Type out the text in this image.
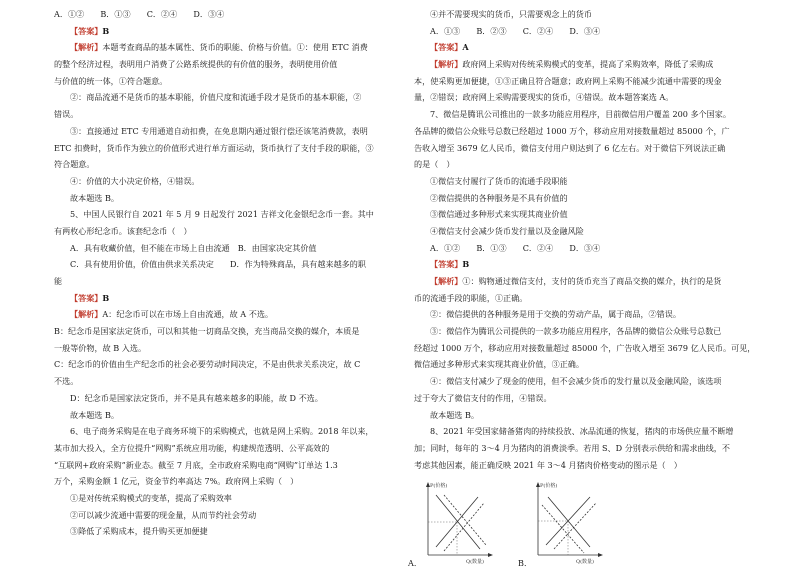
A．①②　　B．①③　　C．②④　　D．③④

【答案】B

【解析】本题考查商品的基本属性、货币的职能、价格与价值。①：使用 ETC 消费

的整个经济过程，表明用户消费了公路系统提供的有价值的服务，表明使用价值

与价值的统一体，①符合题意。

②：商品流通不是货币的基本职能，价值尺度和流通手段才是货币的基本职能，②

错误。

③：直接通过 ETC 专用通道自动扣费，在免息期内通过银行偿还该笔消费款，表明

ETC 扣费时，货币作为独立的价值形式进行单方面运动，货币执行了支付手段的职能，③

符合题意。

④：价值的大小决定价格，④错误。

故本题选 B。

5、中国人民银行自 2021 年 5 月 9 日起发行 2021 吉祥文化金银纪念币一套。其中

有两枚心形纪念币。该套纪念币（　）

A．具有收藏价值，但不能在市场上自由流通　B．由国家决定其价值

C．具有使用价值，价值由供求关系决定　　D．作为特殊商品，具有越来越多的职

能

【答案】B

【解析】A：纪念币可以在市场上自由流通，故 A 不选。

B：纪念币是国家法定货币，可以和其他一切商品交换，充当商品交换的媒介，本质是

一般等价物，故 B 入选。

C：纪念币的价值由生产纪念币的社会必要劳动时间决定，不是由供求关系决定，故 C

不选。

D：纪念币是国家法定货币，并不是具有越来越多的职能，故 D 不选。

故本题选 B。

6、电子商务采购是在电子商务环境下的采购模式，也就是网上采购。2018 年以来，

某市加大投入，全方位提升“网购”系统应用功能，构建规范透明、公平高效的

“互联网+政府采购”新业态。截至 7 月底，全市政府采购电商“网购”订单达 1.3

万个，采购金额 1 亿元，资金节约率高达 7%。政府网上采购（　）

①是对传统采购模式的变革，提高了采购效率

②可以减少流通中需要的现金量，从而节约社会劳动

③降低了采购成本，提升购买更加便捷

④并不需要现实的货币，只需要观念上的货币

A．①③　　B．②③　　C．②④　　D．③④

【答案】A

【解析】政府网上采购对传统采购模式的变革，提高了采购效率，降低了采购成

本，使采购更加便捷，①③正确且符合题意；政府网上采购不能减少流通中需要的现金

量，②错误；政府网上采购需要现实的货币，④错误。故本题答案选 A。

7、微信是腾讯公司推出的一款多功能应用程序，目前微信用户覆盖 200 多个国家。

各品牌的微信公众账号总数已经超过 1000 万个，移动应用对接数量超过 85000 个，广

告收入增至 3679 亿人民币，微信支付用户则达到了 6 亿左右。对于微信下列说法正确

的是（　）

①微信支付履行了货币的流通手段职能

②微信提供的各种服务是不具有价值的

③微信通过多种形式来实现其商业价值

④微信支付会减少货币发行量以及金融风险

A．①②　　B．①③　　C．②④　　D．③④

【答案】B

【解析】①：购物通过微信支付，支付的货币充当了商品交换的媒介，执行的是货

币的流通手段的职能，①正确。

②：微信提供的各种服务是用于交换的劳动产品，属于商品，②错误。

③：微信作为腾讯公司提供的一款多功能应用程序，各品牌的微信公众账号总数已

经超过 1000 万个，移动应用对接数量超过 85000 个，广告收入增至 3679 亿人民币。可见，

微信通过多种形式来实现其商业价值，③正确。

④：微信支付减少了现金的使用，但不会减少货币的发行量以及金融风险，该选项

过于夸大了微信支付的作用，④错误。

故本题选 B。

8、2021 年受国家储备猪肉的持续投放、冰品流通的恢复，猪肉的市场供应量不断增

加；同时，每年的 3～4 月为猪肉的消费淡季。若用 S、D 分别表示供给和需求曲线，不

考虑其他因素，能正确反映 2021 年 3～4 月猪肉价格变动的图示是（　）

P(价格)
Q(数量)
A．
P(价格)
Q(数量)
B．
